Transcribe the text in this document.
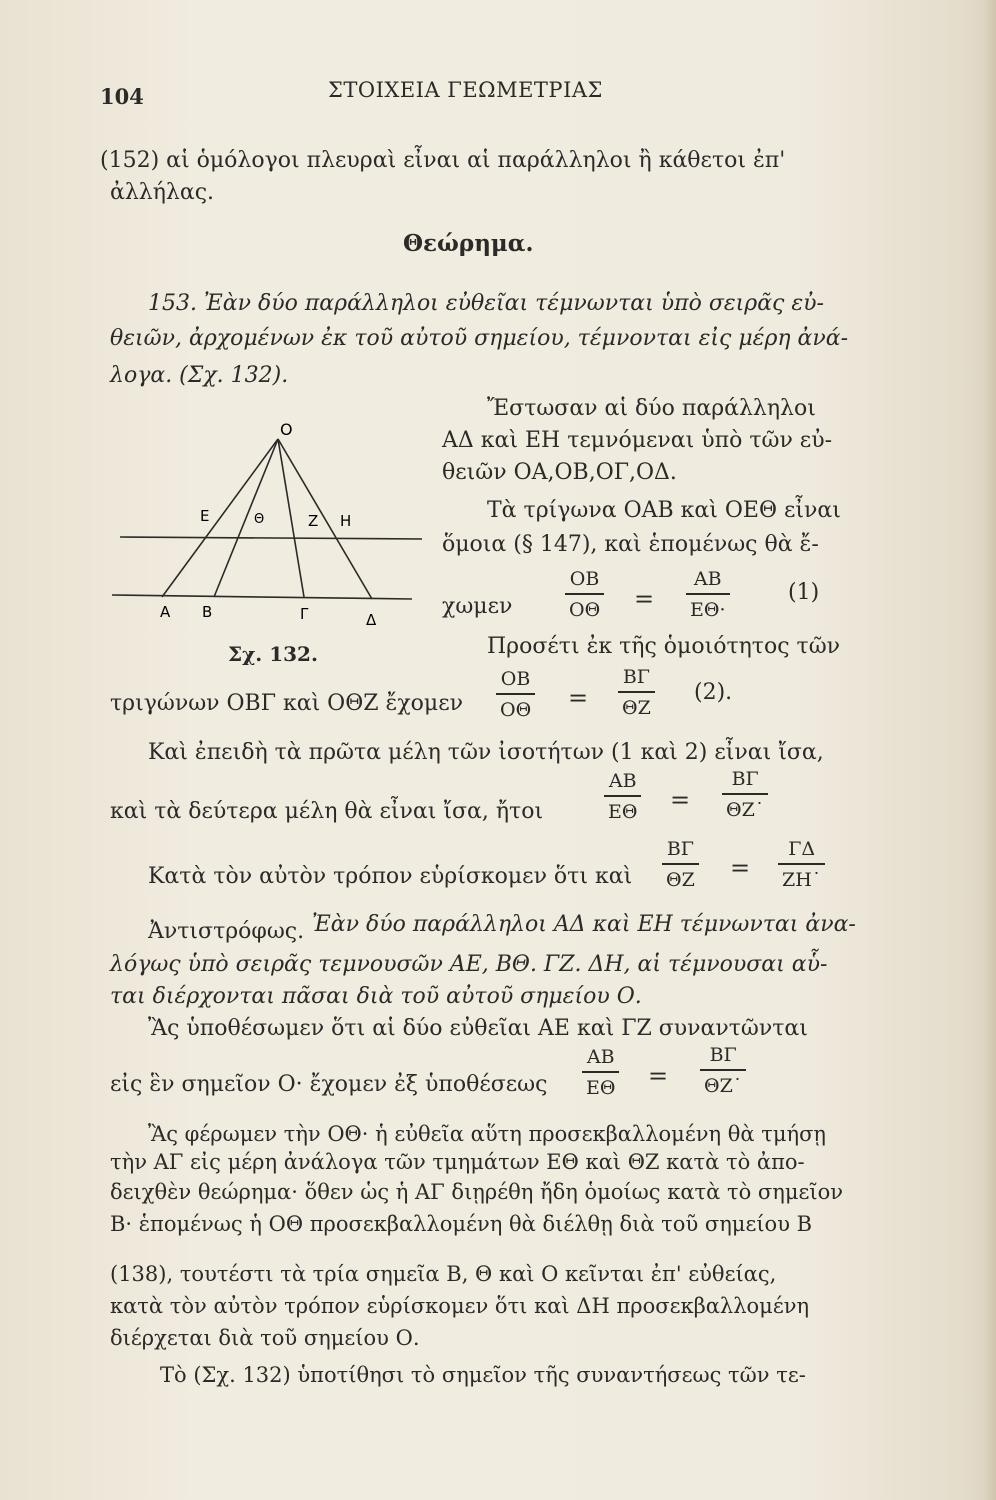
104	ΣΤΟΙΧΕΙΑ ΓΕΩΜΕΤΡΙΑΣ
(152) αἱ ὁμόλογοι πλευραὶ εἶναι αἱ παράλληλοι ἢ κάθετοι ἐπ'
ἀλλήλας.
Θεώρημα.
153. Ἐὰν δύο παράλληλοι εὐθεῖαι τέμνωνται ὑπὸ σειρᾶς εὐ-
θειῶν, ἀρχομένων ἐκ τοῦ αὐτοῦ σημείου, τέμνονται εἰς μέρη ἀνά-
λογα. (Σχ. 132).
Ο
Ε	Θ	Ζ Η
Α Β	Γ	Δ
Σχ. 132.
Ἔστωσαν αἱ δύο παράλληλοι
ΑΔ καὶ ΕΗ τεμνόμεναι ὑπὸ τῶν εὐ-
θειῶν ΟΑ,ΟΒ,ΟΓ,ΟΔ.
Τὰ τρίγωνα ΟΑΒ καὶ ΟΕΘ εἶναι
ὅμοια (§ 147), καὶ ἑπομένως θὰ ἔ-
χωμεν	$\frac{OB}{O\Theta} = \frac{AB}{E\Theta\cdot}$	(1)
Προσέτι ἐκ τῆς ὁμοιότητος τῶν
τριγώνων ΟΒΓ καὶ ΟΘΖ ἔχομεν $\frac{OB}{O\Theta} = \frac{B\Gamma}{\Theta Z} (2)$.
Καὶ ἐπειδὴ τὰ πρῶτα μέλη τῶν ἰσοτήτων (1 καὶ 2) εἶναι ἴσα,
καὶ τὰ δεύτερα μέλη θὰ εἶναι ἴσα, ἤτοι	$\frac{AB}{E\Theta} = \frac{B\Gamma}{\Theta Z˙}$
Κατὰ τὸν αὐτὸν τρόπον εὑρίσκομεν ὅτι καὶ $\frac{B\Gamma}{\Theta Z} = \frac{\Gamma\Delta}{ZH˙}$
Ἀντιστρόφως. Ἐὰν δύο παράλληλοι ΑΔ καὶ ΕΗ τέμνωνται ἀνα-
λόγως ὑπὸ σειρᾶς τεμνουσῶν ΑΕ, ΒΘ. ΓΖ. ΔΗ, αἱ τέμνουσαι αὗ-
ται διέρχονται πᾶσαι διὰ τοῦ αὐτοῦ σημείου Ο.
Ἂς ὑποθέσωμεν ὅτι αἱ δύο εὐθεῖαι ΑΕ καὶ ΓΖ συναντῶνται
εἰς ἓν σημεῖον Ο· ἔχομεν ἐξ ὑποθέσεως $\frac{AB}{E\Theta} = \frac{B\Gamma}{\Theta Z˙}$
Ἂς φέρωμεν τὴν ΟΘ· ἡ εὐθεῖα αὕτη προσεκβαλλομένη θὰ τμήσῃ
τὴν ΑΓ εἰς μέρη ἀνάλογα τῶν τμημάτων ΕΘ καὶ ΘΖ κατὰ τὸ ἀπο-
δειχθὲν θεώρημα· ὅθεν ὡς ἡ ΑΓ διῃρέθη ἤδη ὁμοίως κατὰ τὸ σημεῖον
Β· ἑπομένως ἡ ΟΘ προσεκβαλλομένη θὰ διέλθῃ διὰ τοῦ σημείου Β
(138), τουτέστι τὰ τρία σημεῖα Β, Θ καὶ Ο κεῖνται ἐπ' εὐθείας,
κατὰ τὸν αὐτὸν τρόπον εὑρίσκομεν ὅτι καὶ ΔΗ προσεκβαλλομένη
διέρχεται διὰ τοῦ σημείου Ο.
Τὸ (Σχ. 132) ὑποτίθησι τὸ σημεῖον τῆς συναντήσεως τῶν τε-
